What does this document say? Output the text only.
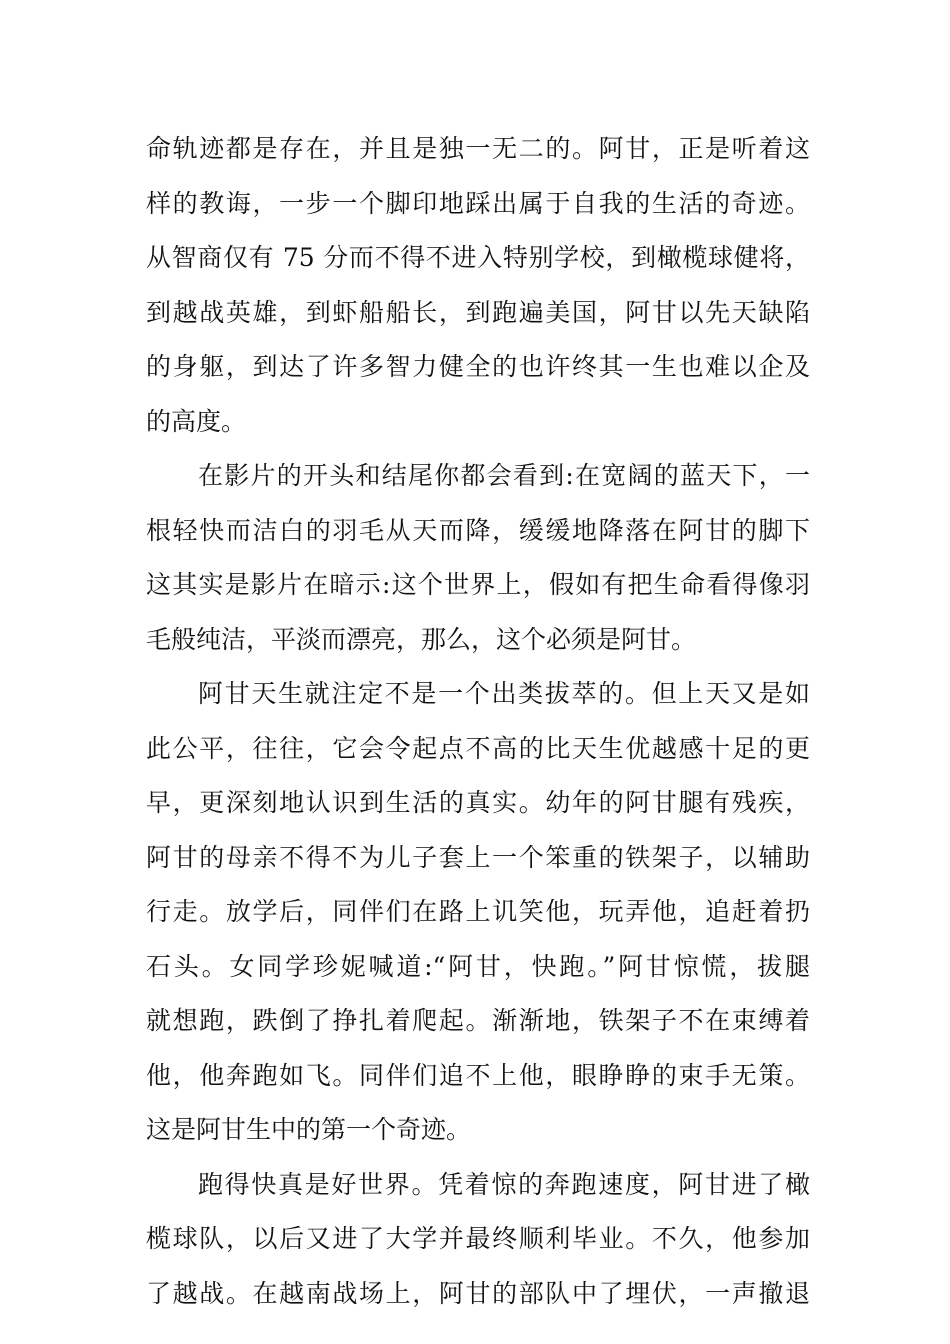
命轨迹都是存在，并且是独一无二的。阿甘，正是听着这
样的教诲，一步一个脚印地踩出属于自我的生活的奇迹。
从智商仅有 75 分而不得不进入特别学校，到橄榄球健将，
到越战英雄，到虾船船长，到跑遍美国，阿甘以先天缺陷
的身躯，到达了许多智力健全的也许终其一生也难以企及
的高度。
在影片的开头和结尾你都会看到:在宽阔的蓝天下，一
根轻快而洁白的羽毛从天而降，缓缓地降落在阿甘的脚下
这其实是影片在暗示:这个世界上，假如有把生命看得像羽
毛般纯洁，平淡而漂亮，那么，这个必须是阿甘。
阿甘天生就注定不是一个出类拔萃的。但上天又是如
此公平，往往，它会令起点不高的比天生优越感十足的更
早，更深刻地认识到生活的真实。幼年的阿甘腿有残疾，
阿甘的母亲不得不为儿子套上一个笨重的铁架子，以辅助
行走。放学后，同伴们在路上讥笑他，玩弄他，追赶着扔
石头。女同学珍妮喊道:“阿甘，快跑。”阿甘惊慌，拔腿
就想跑，跌倒了挣扎着爬起。渐渐地，铁架子不在束缚着
他，他奔跑如飞。同伴们追不上他，眼睁睁的束手无策。
这是阿甘生中的第一个奇迹。
跑得快真是好世界。凭着惊的奔跑速度，阿甘进了橄
榄球队，以后又进了大学并最终顺利毕业。不久，他参加
了越战。在越南战场上，阿甘的部队中了埋伏，一声撤退
